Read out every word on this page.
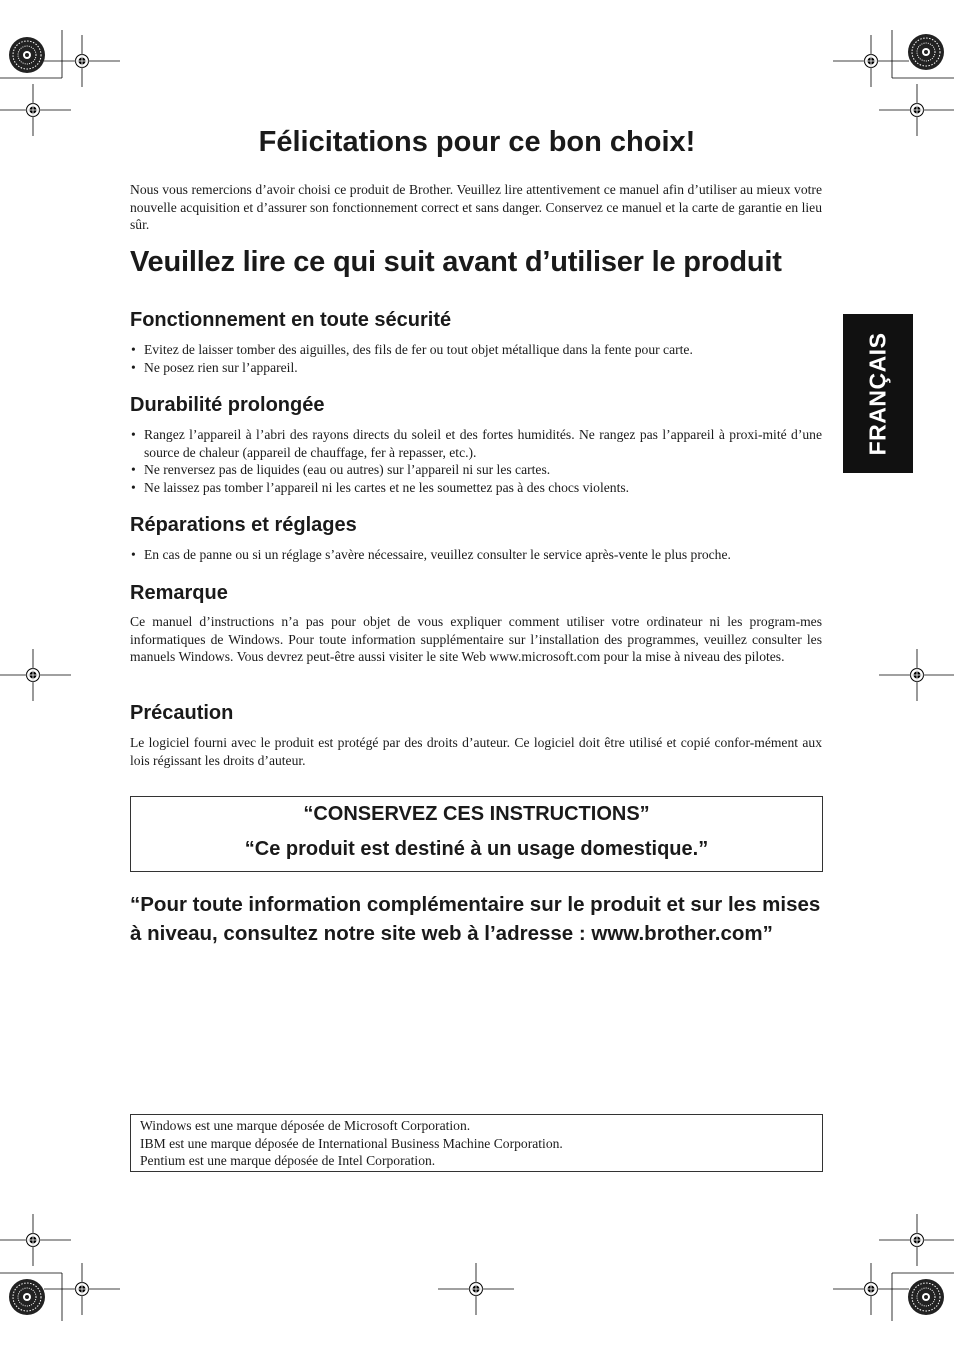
Félicitations pour ce bon choix!

Nous vous remercions d’avoir choisi ce produit de Brother. Veuillez lire attentivement ce manuel afin d’utiliser au mieux votre nouvelle acquisition et d’assurer son fonctionnement correct et sans danger. Conservez ce manuel et la carte de garantie en lieu sûr.

Veuillez lire ce qui suit avant d’utiliser le produit
Fonctionnement en toute sécurité
• Evitez de laisser tomber des aiguilles, des fils de fer ou tout objet métallique dans la fente pour carte.
• Ne posez rien sur l’appareil.
Durabilité prolongée
• Rangez l’appareil à l’abri des rayons directs du soleil et des fortes humidités. Ne rangez pas l’appareil à proxi-mité d’une source de chaleur (appareil de chauffage, fer à repasser, etc.).
• Ne renversez pas de liquides (eau ou autres) sur l’appareil ni sur les cartes.
• Ne laissez pas tomber l’appareil ni les cartes et ne les soumettez pas à des chocs violents.
Réparations et réglages
• En cas de panne ou si un réglage s’avère nécessaire, veuillez consulter le service après-vente le plus proche.
Remarque

Ce manuel d’instructions n’a pas pour objet de vous expliquer comment utiliser votre ordinateur ni les program-mes informatiques de Windows. Pour toute information supplémentaire sur l’installation des programmes, veuillez consulter les manuels Windows. Vous devrez peut-être aussi visiter le site Web www.microsoft.com pour la mise à niveau des pilotes.

Précaution

Le logiciel fourni avec le produit est protégé par des droits d’auteur. Ce logiciel doit être utilisé et copié confor-mément aux lois régissant les droits d’auteur.

“CONSERVEZ CES INSTRUCTIONS”
“Ce produit est destiné à un usage domestique.”

“Pour toute information complémentaire sur le produit et sur les mises à niveau, consultez notre site web à l’adresse : www.brother.com”

Windows est une marque déposée de Microsoft Corporation.
IBM est une marque déposée de International Business Machine Corporation.
Pentium est une marque déposée de Intel Corporation.
FRANÇAIS
